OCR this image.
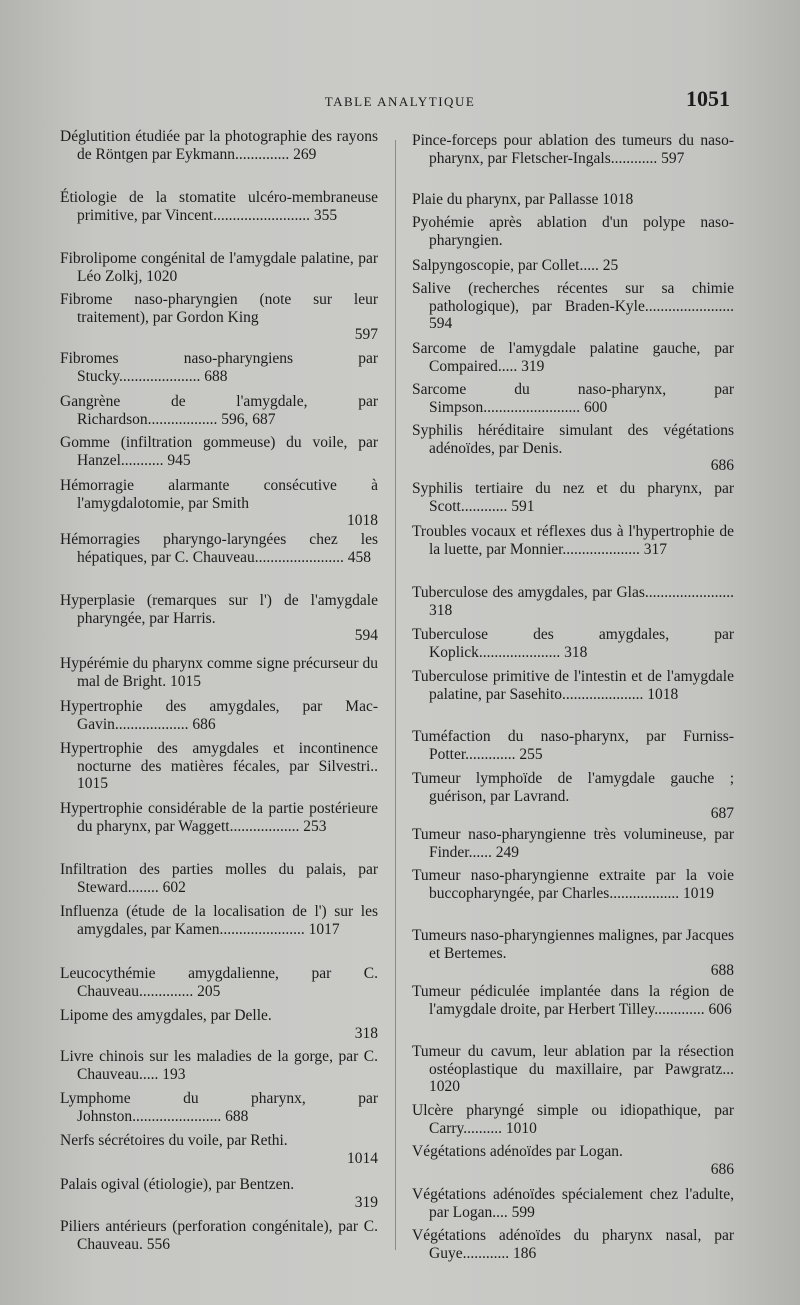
TABLE ANALYTIQUE	1051
Déglutition étudiée par la photographie des rayons de Röntgen par Eykmann.............. 269
Étiologie de la stomatite ulcéro-membraneuse primitive, par Vincent......................... 355
Fibrolipome congénital de l'amygdale palatine, par Léo Zolkj, 1020
Fibrome naso-pharyngien (note sur leur traitement), par Gordon King
597
Fibromes naso-pharyngiens par Stucky..................... 688
Gangrène de l'amygdale, par Richardson.................. 596, 687
Gomme (infiltration gommeuse) du voile, par Hanzel........... 945
Hémorragie alarmante consécutive à l'amygdalotomie, par Smith
1018
Hémorragies pharyngo-laryngées chez les hépatiques, par C. Chauveau....................... 458
Hyperplasie (remarques sur l') de l'amygdale pharyngée, par Harris.
594
Hypérémie du pharynx comme signe précurseur du mal de Bright. 1015
Hypertrophie des amygdales, par Mac-Gavin................... 686
Hypertrophie des amygdales et incontinence nocturne des matières fécales, par Silvestri.. 1015
Hypertrophie considérable de la partie postérieure du pharynx, par Waggett.................. 253
Infiltration des parties molles du palais, par Steward........ 602
Influenza (étude de la localisation de l') sur les amygdales, par Kamen...................... 1017
Leucocythémie amygdalienne, par C. Chauveau.............. 205
Lipome des amygdales, par Delle.
318
Livre chinois sur les maladies de la gorge, par C. Chauveau..... 193
Lymphome du pharynx, par Johnston....................... 688
Nerfs sécrétoires du voile, par Rethi.
1014
Palais ogival (étiologie), par Bentzen.
319
Piliers antérieurs (perforation congénitale), par C. Chauveau. 556
Pince-forceps pour ablation des tumeurs du naso-pharynx, par Fletscher-Ingals............ 597
Plaie du pharynx, par Pallasse 1018
Pyohémie après ablation d'un polype naso-pharyngien.
Salpyngoscopie, par Collet..... 25
Salive (recherches récentes sur sa chimie pathologique), par Braden-Kyle....................... 594
Sarcome de l'amygdale palatine gauche, par Compaired..... 319
Sarcome du naso-pharynx, par Simpson......................... 600
Syphilis héréditaire simulant des végétations adénoïdes, par Denis.
686
Syphilis tertiaire du nez et du pharynx, par Scott............ 591
Troubles vocaux et réflexes dus à l'hypertrophie de la luette, par Monnier.................... 317
Tuberculose des amygdales, par Glas....................... 318
Tuberculose des amygdales, par Koplick..................... 318
Tuberculose primitive de l'intestin et de l'amygdale palatine, par Sasehito..................... 1018
Tuméfaction du naso-pharynx, par Furniss-Potter............. 255
Tumeur lymphoïde de l'amygdale gauche ; guérison, par Lavrand.
687
Tumeur naso-pharyngienne très volumineuse, par Finder...... 249
Tumeur naso-pharyngienne extraite par la voie buccopharyngée, par Charles.................. 1019
Tumeurs naso-pharyngiennes malignes, par Jacques et Bertemes.
688
Tumeur pédiculée implantée dans la région de l'amygdale droite, par Herbert Tilley............. 606
Tumeur du cavum, leur ablation par la résection ostéoplastique du maxillaire, par Pawgratz... 1020
Ulcère pharyngé simple ou idiopathique, par Carry.......... 1010
Végétations adénoïdes par Logan.
686
Végétations adénoïdes spécialement chez l'adulte, par Logan.... 599
Végétations adénoïdes du pharynx nasal, par Guye............ 186
